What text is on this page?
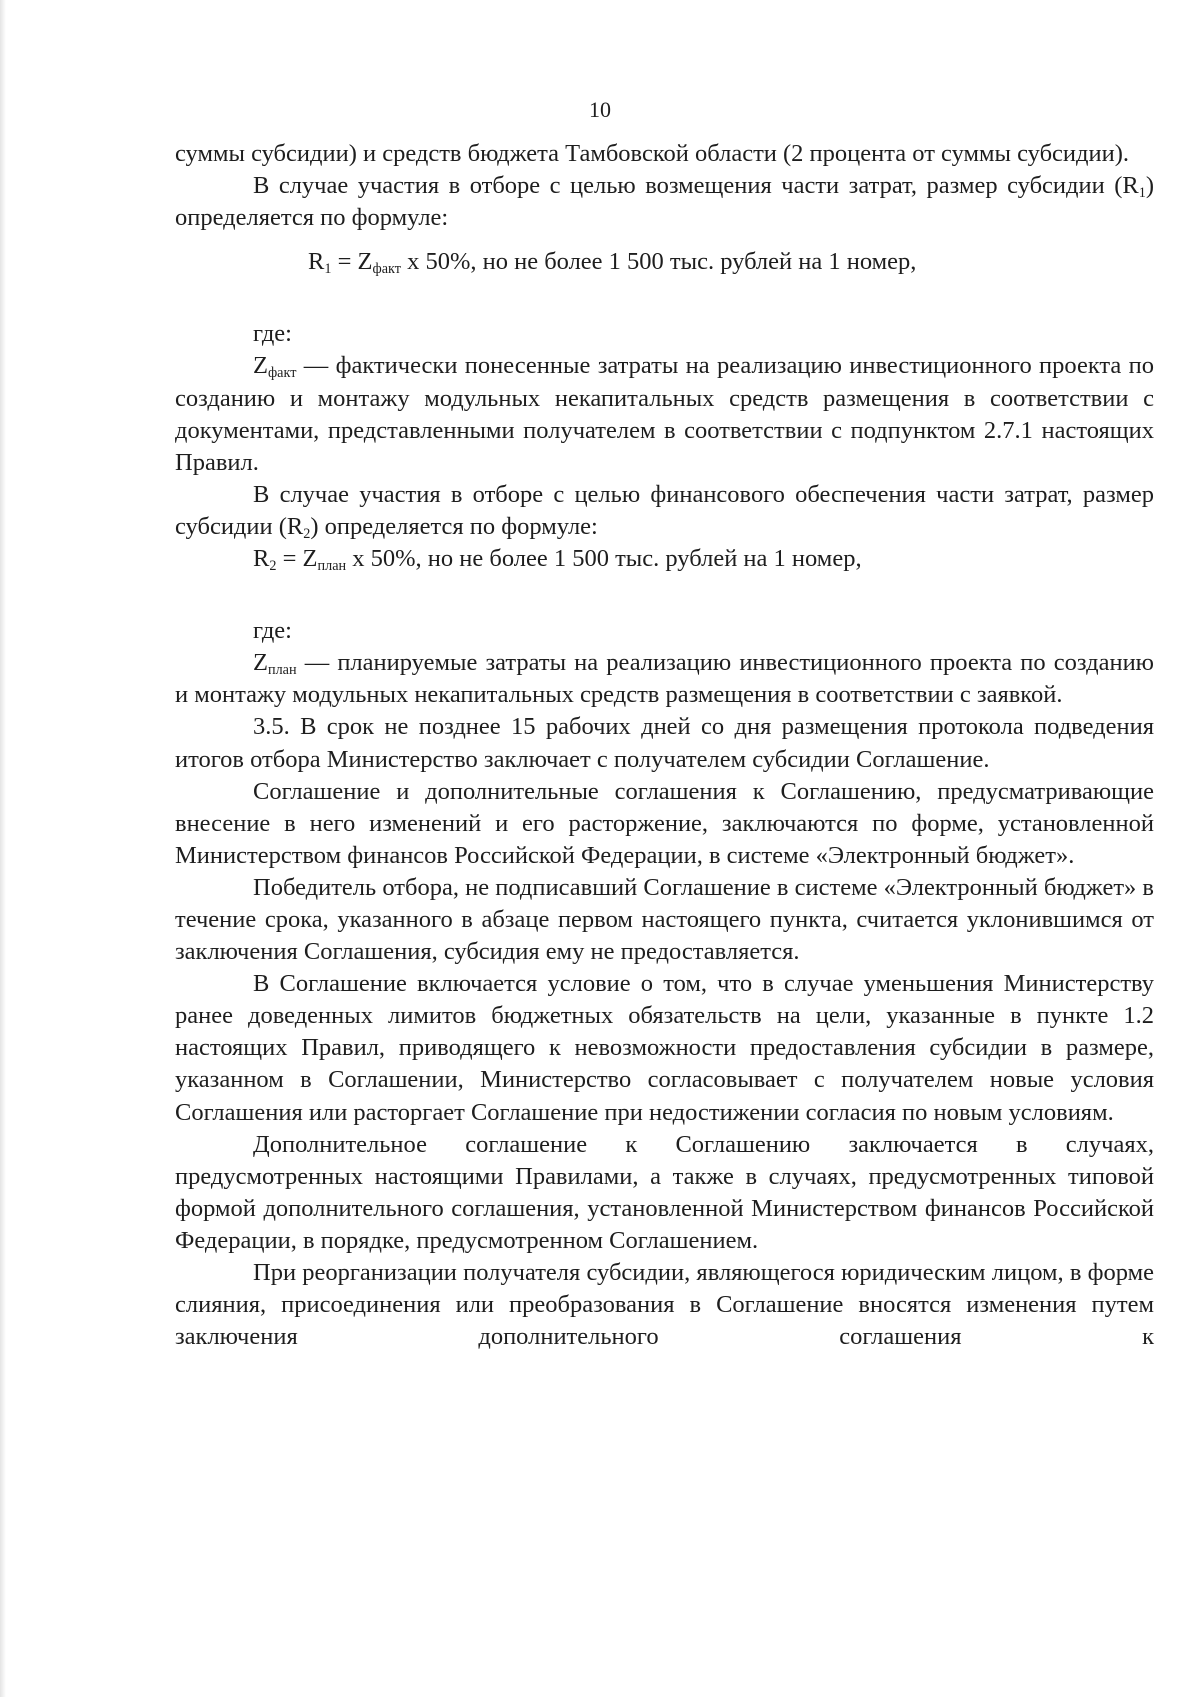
10

суммы субсидии) и средств бюджета Тамбовской области (2 процента от суммы субсидии).

В случае участия в отборе с целью возмещения части затрат, размер субсидии $(R_1)$ определяется по формуле:

$R_1 = Z_{факт}$ х 50%, но не более 1 500 тыс. рублей на 1 номер,

где:

$Z_{факт}$ — фактически понесенные затраты на реализацию инвестиционного проекта по созданию и монтажу модульных некапитальных средств размещения в соответствии с документами, представленными получателем в соответствии с подпунктом 2.7.1 настоящих Правил.

В случае участия в отборе с целью финансового обеспечения части затрат, размер субсидии $(R_2)$ определяется по формуле:

$R_2 = Z_{план}$ х 50%, но не более 1 500 тыс. рублей на 1 номер,

где:

$Z_{план}$ — планируемые затраты на реализацию инвестиционного проекта по созданию и монтажу модульных некапитальных средств размещения в соответствии с заявкой.

3.5. В срок не позднее 15 рабочих дней со дня размещения протокола подведения итогов отбора Министерство заключает с получателем субсидии Соглашение.

Соглашение и дополнительные соглашения к Соглашению, предусматривающие внесение в него изменений и его расторжение, заключаются по форме, установленной Министерством финансов Российской Федерации, в системе «Электронный бюджет».

Победитель отбора, не подписавший Соглашение в системе «Электронный бюджет» в течение срока, указанного в абзаце первом настоящего пункта, считается уклонившимся от заключения Соглашения, субсидия ему не предоставляется.

В Соглашение включается условие о том, что в случае уменьшения Министерству ранее доведенных лимитов бюджетных обязательств на цели, указанные в пункте 1.2 настоящих Правил, приводящего к невозможности предоставления субсидии в размере, указанном в Соглашении, Министерство согласовывает с получателем новые условия Соглашения или расторгает Соглашение при недостижении согласия по новым условиям.

Дополнительное соглашение к Соглашению заключается в случаях, предусмотренных настоящими Правилами, а также в случаях, предусмотренных типовой формой дополнительного соглашения, установленной Министерством финансов Российской Федерации, в порядке, предусмотренном Соглашением.

При реорганизации получателя субсидии, являющегося юридическим лицом, в форме слияния, присоединения или преобразования в Соглашение вносятся изменения путем заключения дополнительного соглашения к
